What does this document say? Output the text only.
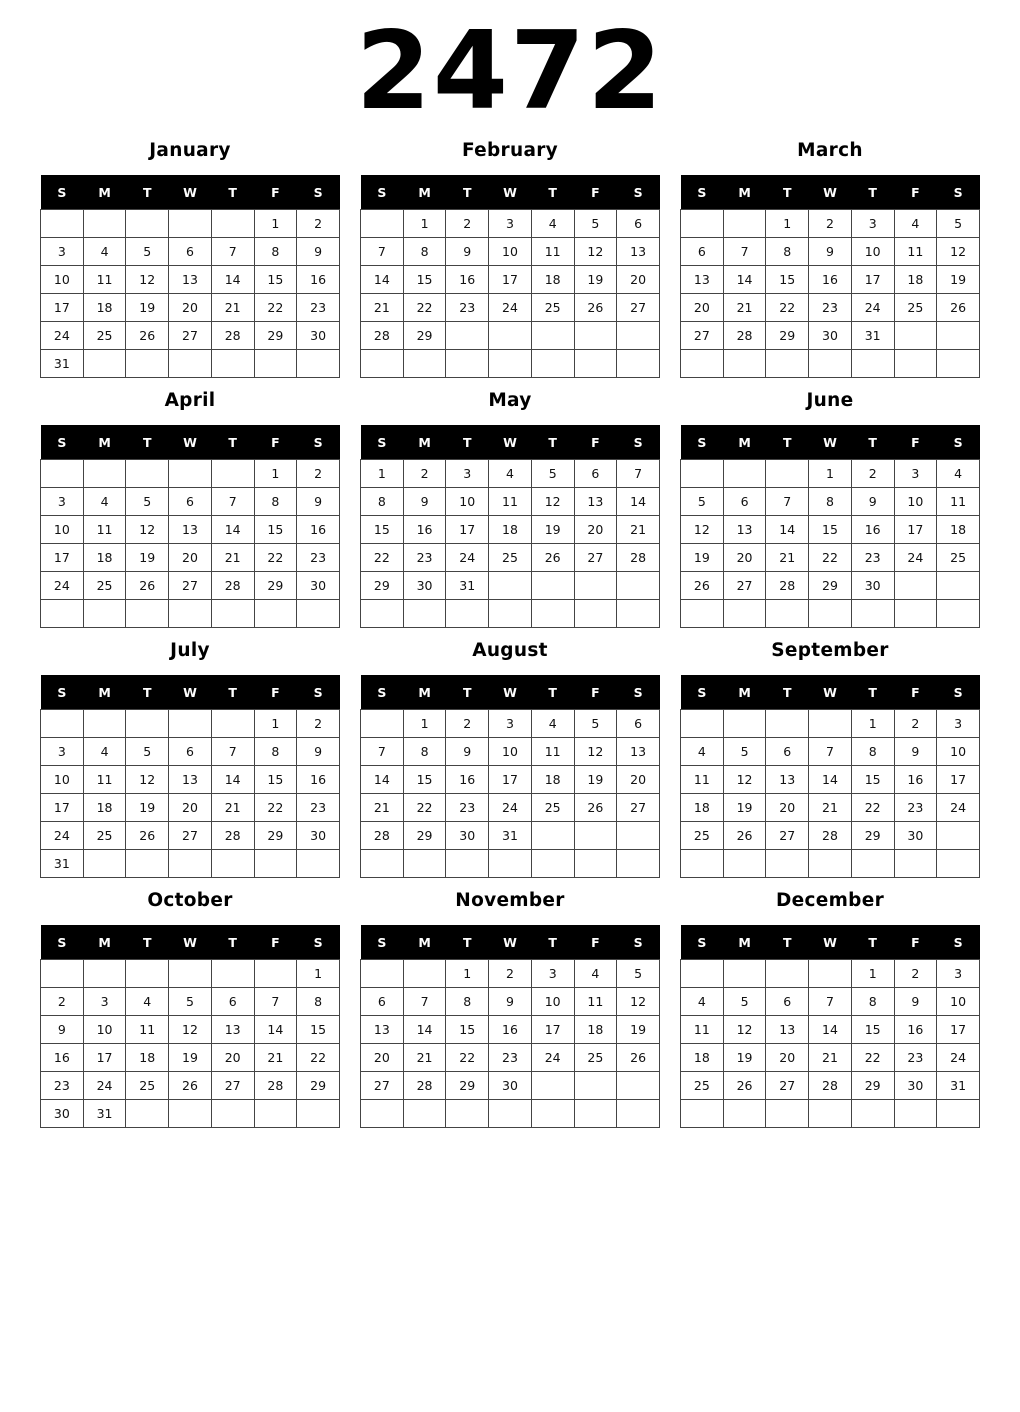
2472
January
S	M	T	W	T	F	S
					1	2
3	4	5	6	7	8	9
10	11	12	13	14	15	16
17	18	19	20	21	22	23
24	25	26	27	28	29	30
31						
February
S	M	T	W	T	F	S
	1	2	3	4	5	6
7	8	9	10	11	12	13
14	15	16	17	18	19	20
21	22	23	24	25	26	27
28	29					

March
S	M	T	W	T	F	S
		1	2	3	4	5
6	7	8	9	10	11	12
13	14	15	16	17	18	19
20	21	22	23	24	25	26
27	28	29	30	31		

April
S	M	T	W	T	F	S
					1	2
3	4	5	6	7	8	9
10	11	12	13	14	15	16
17	18	19	20	21	22	23
24	25	26	27	28	29	30

May
S	M	T	W	T	F	S
1	2	3	4	5	6	7
8	9	10	11	12	13	14
15	16	17	18	19	20	21
22	23	24	25	26	27	28
29	30	31				

June
S	M	T	W	T	F	S
			1	2	3	4
5	6	7	8	9	10	11
12	13	14	15	16	17	18
19	20	21	22	23	24	25
26	27	28	29	30		

July
S	M	T	W	T	F	S
					1	2
3	4	5	6	7	8	9
10	11	12	13	14	15	16
17	18	19	20	21	22	23
24	25	26	27	28	29	30
31						
August
S	M	T	W	T	F	S
	1	2	3	4	5	6
7	8	9	10	11	12	13
14	15	16	17	18	19	20
21	22	23	24	25	26	27
28	29	30	31			

September
S	M	T	W	T	F	S
				1	2	3
4	5	6	7	8	9	10
11	12	13	14	15	16	17
18	19	20	21	22	23	24
25	26	27	28	29	30	

October
S	M	T	W	T	F	S
						1
2	3	4	5	6	7	8
9	10	11	12	13	14	15
16	17	18	19	20	21	22
23	24	25	26	27	28	29
30	31					
November
S	M	T	W	T	F	S
		1	2	3	4	5
6	7	8	9	10	11	12
13	14	15	16	17	18	19
20	21	22	23	24	25	26
27	28	29	30			

December
S	M	T	W	T	F	S
				1	2	3
4	5	6	7	8	9	10
11	12	13	14	15	16	17
18	19	20	21	22	23	24
25	26	27	28	29	30	31
